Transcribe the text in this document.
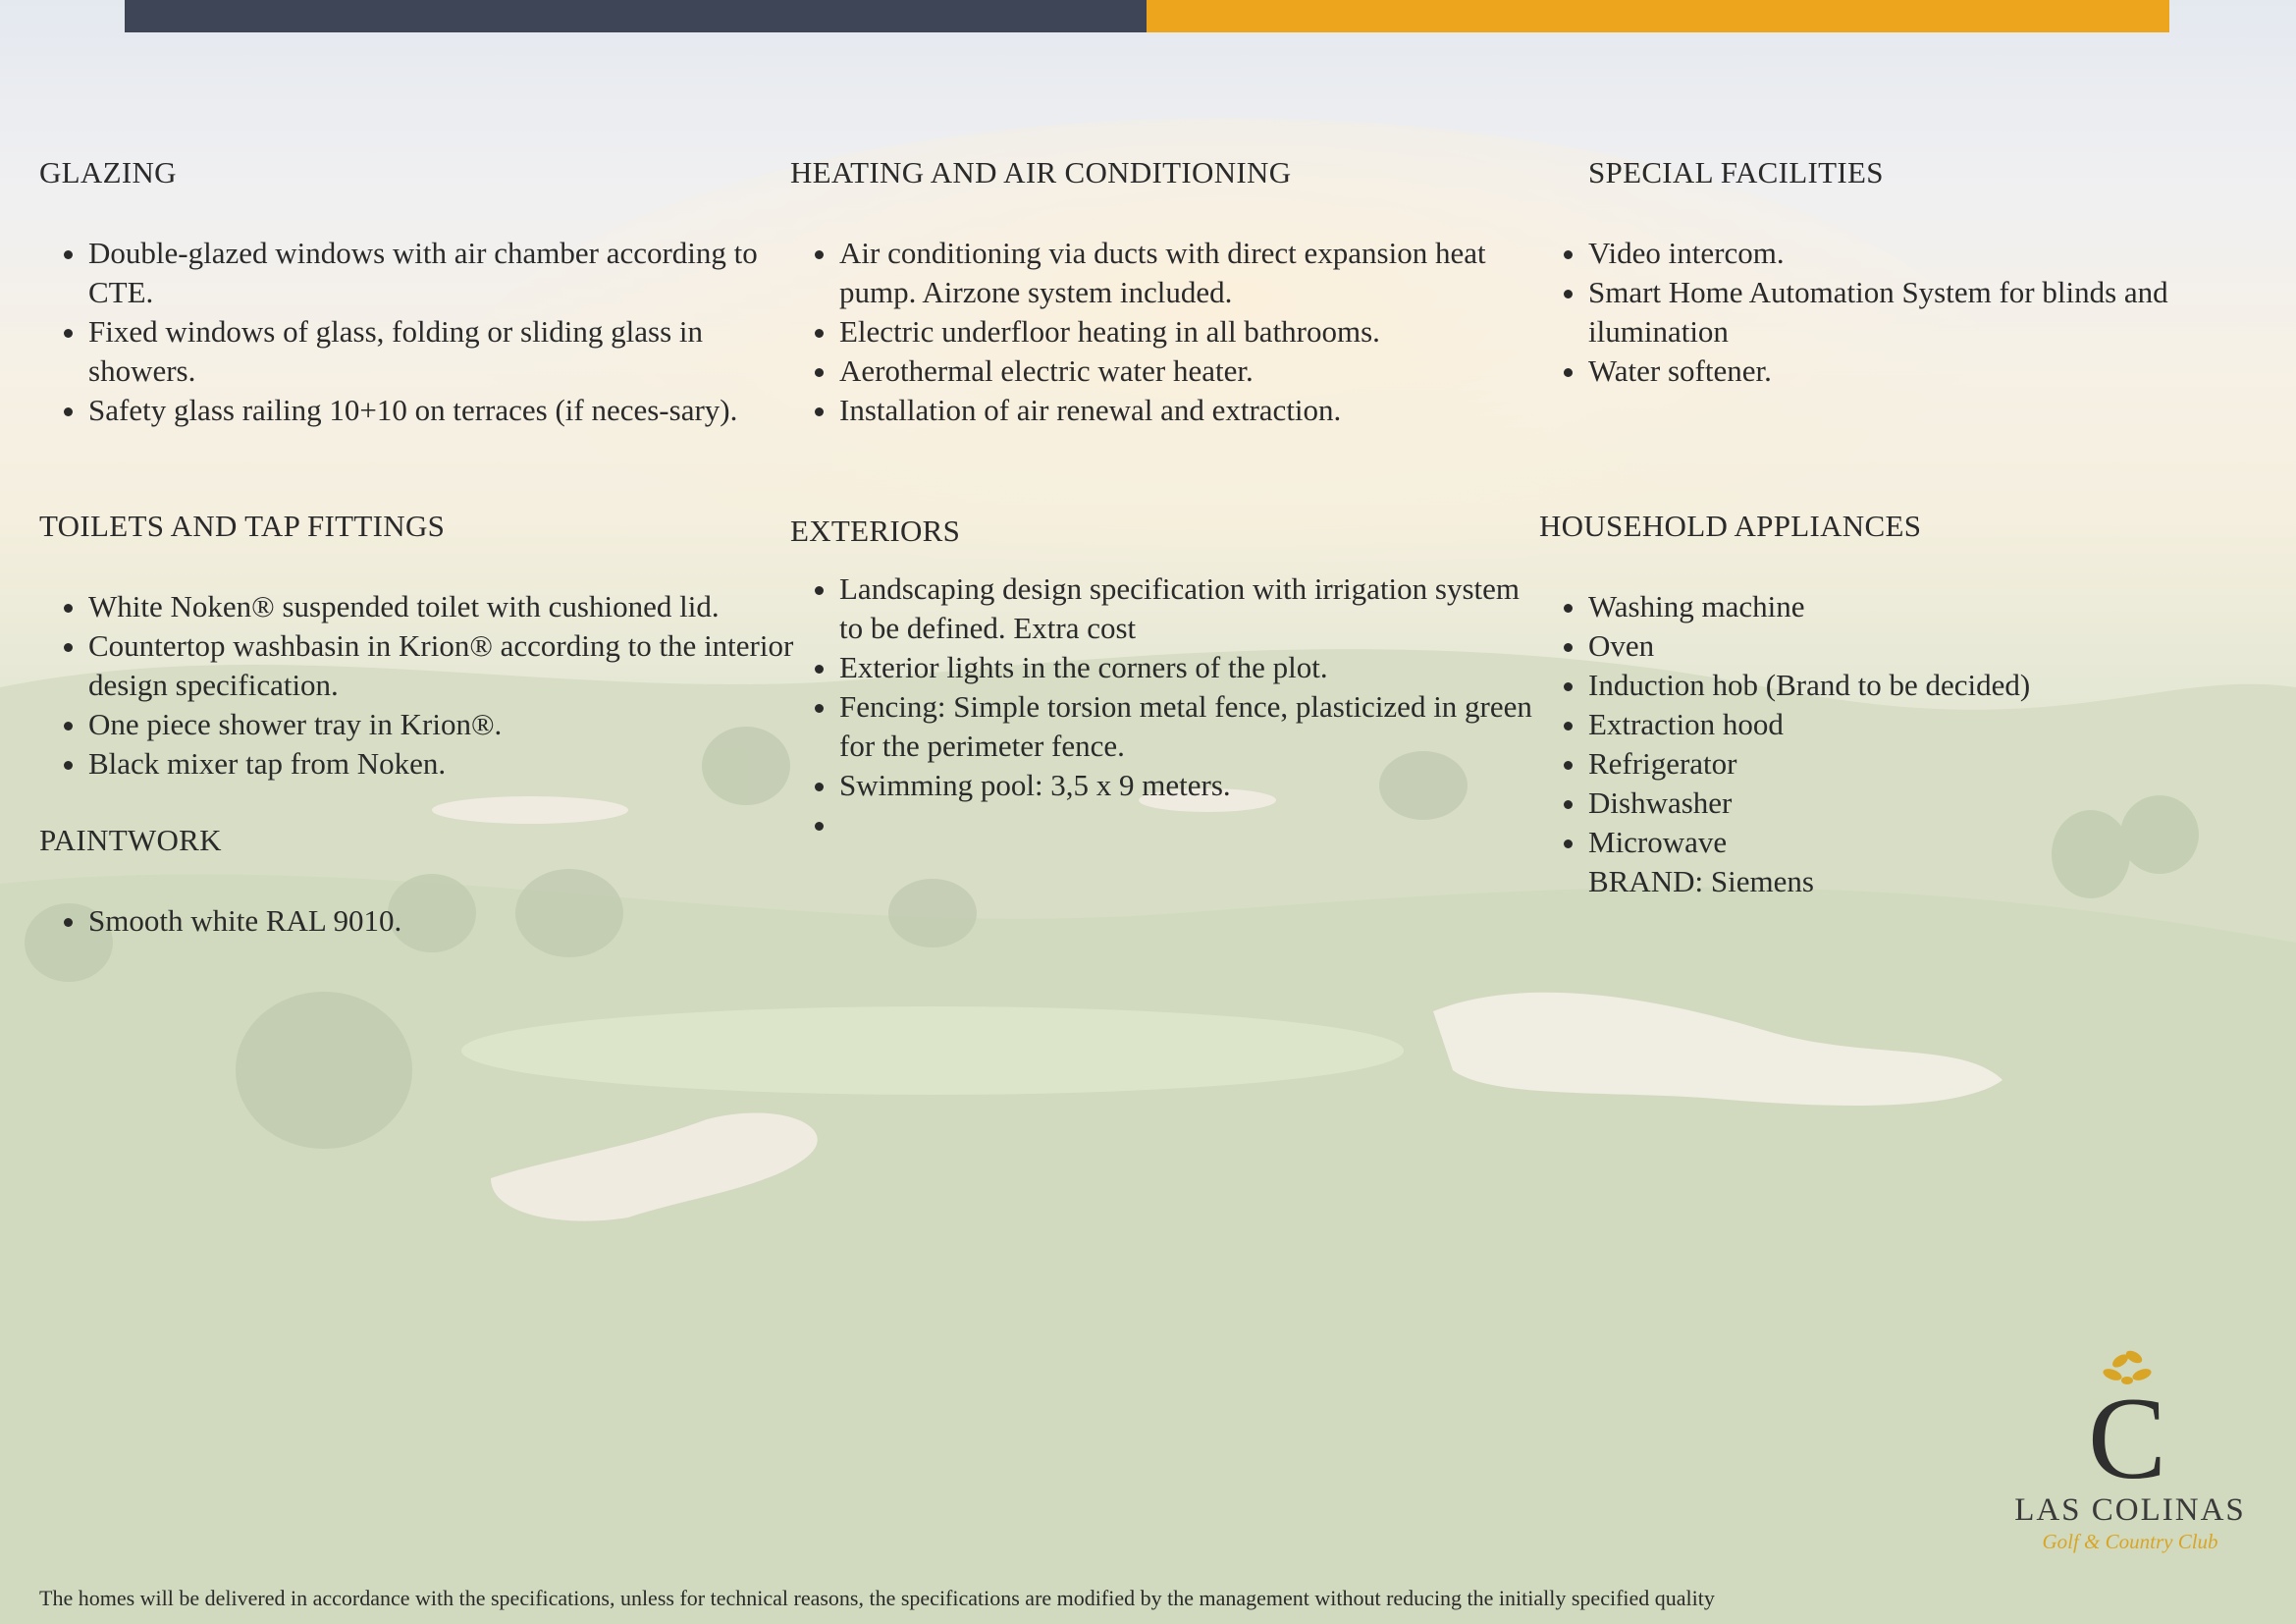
GLAZING
• Double-glazed windows with air chamber according to CTE.
• Fixed windows of glass, folding or sliding glass in showers.
• Safety glass railing 10+10 on terraces (if neces-sary).
TOILETS AND TAP FITTINGS
• White Noken® suspended toilet with cushioned lid.
• Countertop washbasin in Krion® according to the interior design specification.
• One piece shower tray in Krion®.
• Black mixer tap from Noken.
PAINTWORK
• Smooth white RAL 9010.
HEATING AND AIR CONDITIONING
• Air conditioning via ducts with direct expansion heat pump. Airzone system included.
• Electric underfloor heating in all bathrooms.
• Aerothermal electric water heater.
• Installation of air renewal and extraction.
EXTERIORS
• Landscaping design specification with irrigation system to be defined. Extra cost
• Exterior lights in the corners of the plot.
• Fencing: Simple torsion metal fence, plasticized in green for the perimeter fence.
• Swimming pool: 3,5 x 9 meters.
•
SPECIAL FACILITIES
• Video intercom.
• Smart Home Automation System for blinds and ilumination
• Water softener.
HOUSEHOLD APPLIANCES
• Washing machine
• Oven
• Induction hob (Brand to be decided)
• Extraction hood
• Refrigerator
• Dishwasher
• Microwave
BRAND: Siemens
C
LAS COLINAS
Golf & Country Club
The homes will be delivered in accordance with the specifications, unless for technical reasons, the specifications are modified by the management without reducing the initially specified quality
